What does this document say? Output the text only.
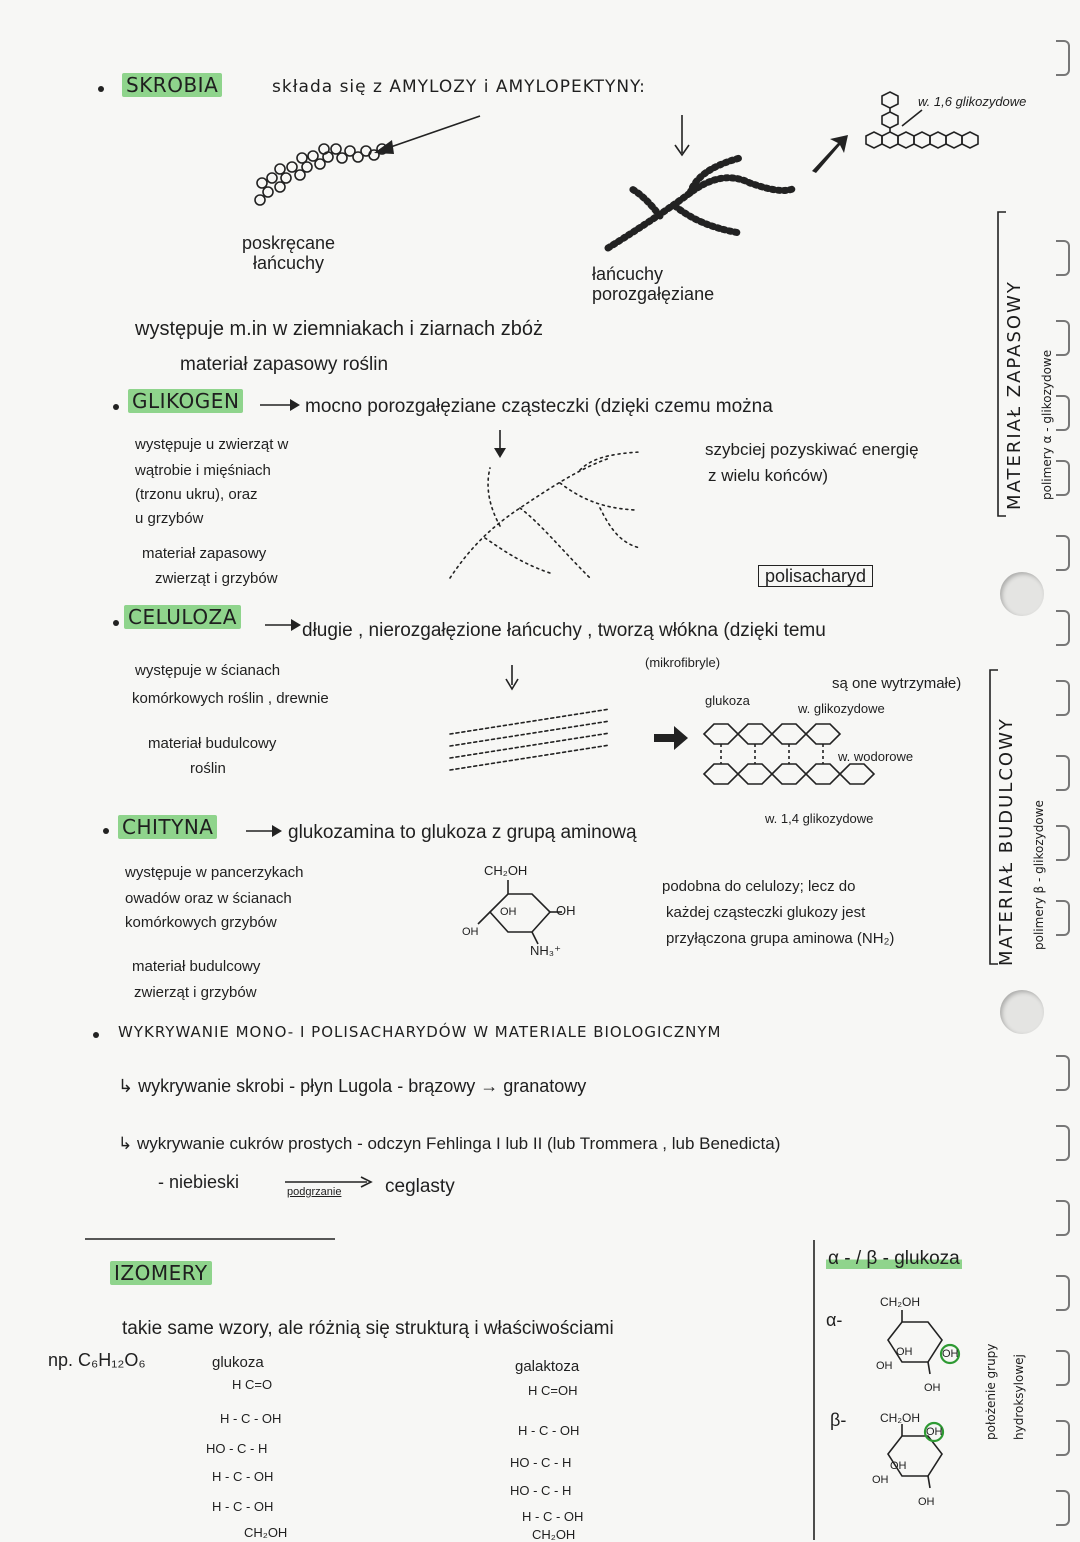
SKROBIA	składa się z AMYLOZY i AMYLOPEKTYNY:
w. 1,6 glikozydowe
poskręcane
łańcuchy
łańcuchy
porozgałęziane
występuje m.in w ziemniakach i ziarnach zbóż
materiał zapasowy roślin
GLIKOGEN	mocno porozgałęziane cząsteczki (dzięki czemu można
szybciej pozyskiwać energię
z wielu końców)
występuje u zwierząt w
wątrobie i mięśniach
(trzonu ukru), oraz
u grzybów
materiał zapasowy
zwierząt i grzybów	polisacharyd
CELULOZA
długie , nierozgałęzione łańcuchy , tworzą włókna (dzięki temu
(mikrofibryle)
są one wytrzymałe)
występuje w ścianach
komórkowych roślin , drewnie
materiał budulcowy
roślin
glukoza
w. glikozydowe
w. wodorowe
w. 1,4 glikozydowe
CHITYNA	glukozamina to glukoza z grupą aminową
występuje w pancerzykach
owadów oraz w ścianach
komórkowych grzybów
materiał budulcowy
zwierząt i grzybów
CH₂OH
OH	OH
OH
NH₃⁺
podobna do celulozy; lecz do
każdej cząsteczki glukozy jest
przyłączona grupa aminowa (NH₂)
MATERIAŁ ZAPASOWY polimery α - glikozydowe
MATERIAŁ BUDULCOWY polimery β - glikozydowe
WYKRYWANIE MONO- I POLISACHARYDÓW W MATERIALE BIOLOGICZNYM
↳ wykrywanie skrobi - płyn Lugola - brązowy → granatowy
↳ wykrywanie cukrów prostych - odczyn Fehlinga I lub II (lub Trommera , lub Benedicta)
- niebieski	podgrzanie ceglasty
IZOMERY
takie same wzory, ale różnią się strukturą i właściwościami
np. C₆H₁₂O₆	glukoza
H C=O
H - C - OH
HO - C - H
H - C - OH
H - C - OH
CH₂OH
galaktoza
H C=OH
H - C - OH
HO - C - H
HO - C - H
H - C - OH
CH₂OH
α - / β - glukoza
α-
β-
CH₂OH
OH
OH
OH
OH
CH₂OH
OH
OH
OH
OH
położenie grupy hydroksylowej
